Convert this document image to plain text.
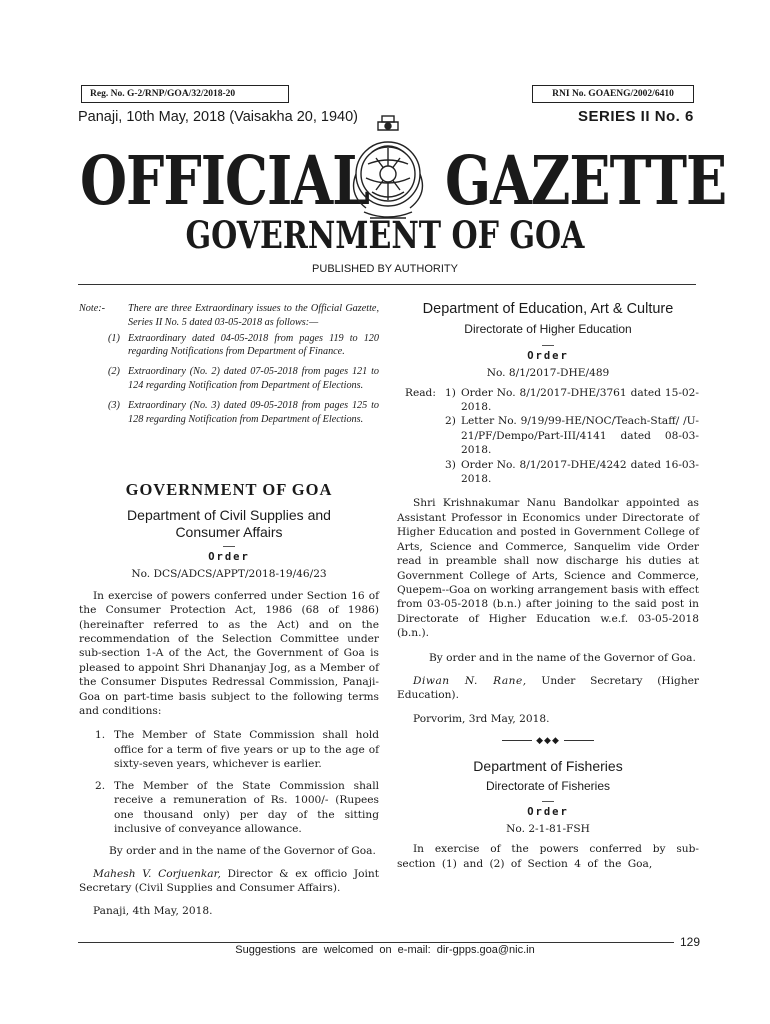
Reg. No. G-2/RNP/GOA/32/2018-20	RNI No. GOAENG/2002/6410
Panaji, 10th May, 2018 (Vaisakha 20, 1940)	SERIES II No. 6
OFFICIAL GAZETTE
GOVERNMENT OF GOA
PUBLISHED BY AUTHORITY
Note:-	There are three Extraordinary issues to the Official Gazette, Series II No. 5 dated 03-05-2018 as follows:—
(1) Extraordinary dated 04-05-2018 from pages 119 to 120 regarding Notifications from Department of Finance.
(2) Extraordinary (No. 2) dated 07-05-2018 from pages 121 to 124 regarding Notification from Department of Elections.
(3) Extraordinary (No. 3) dated 09-05-2018 from pages 125 to 128 regarding Notification from Department of Elections.
GOVERNMENT OF GOA
Department of Civil Supplies and Consumer Affairs
Order
No. DCS/ADCS/APPT/2018-19/46/23

In exercise of powers conferred under Section 16 of the Consumer Protection Act, 1986 (68 of 1986) (hereinafter referred to as the Act) and on the recommendation of the Selection Committee under sub-section 1-A of the Act, the Government of Goa is pleased to appoint Shri Dhananjay Jog, as a Member of the Consumer Disputes Redressal Commission, Panaji-Goa on part-time basis subject to the following terms and conditions:

1. The Member of State Commission shall hold office for a term of five years or up to the age of sixty-seven years, whichever is earlier.
2. The Member of the State Commission shall receive a remuneration of Rs. 1000/- (Rupees one thousand only) per day of the sitting inclusive of conveyance allowance.

By order and in the name of the Governor of Goa.

Mahesh V. Corjuenkar, Director & ex officio Joint Secretary (Civil Supplies and Consumer Affairs).

Panaji, 4th May, 2018.

Department of Education, Art & Culture
Directorate of Higher Education
Order
No. 8/1/2017-DHE/489
Read: 1) Order No. 8/1/2017-DHE/3761 dated 15-02-2018.
2) Letter No. 9/19/99-HE/NOC/Teach-Staff/ /U-21/PF/Dempo/Part-III/4141 dated 08-03-2018.
3) Order No. 8/1/2017-DHE/4242 dated 16-03-2018.

Shri Krishnakumar Nanu Bandolkar appointed as Assistant Professor in Economics under Directorate of Higher Education and posted in Government College of Arts, Science and Commerce, Sanquelim vide Order read in preamble shall now discharge his duties at Government College of Arts, Science and Commerce, Quepem--Goa on working arrangement basis with effect from 03-05-2018 (b.n.) after joining to the said post in Directorate of Higher Education w.e.f. 03-05-2018 (b.n.).

By order and in the name of the Governor of Goa.

Diwan N. Rane, Under Secretary (Higher Education).

Porvorim, 3rd May, 2018.

◆◆◆
Department of Fisheries
Directorate of Fisheries
Order
No. 2-1-81-FSH

In exercise of the powers conferred by sub-section (1) and (2) of Section 4 of the Goa,

129
Suggestions are welcomed on e-mail: dir-gpps.goa@nic.in
